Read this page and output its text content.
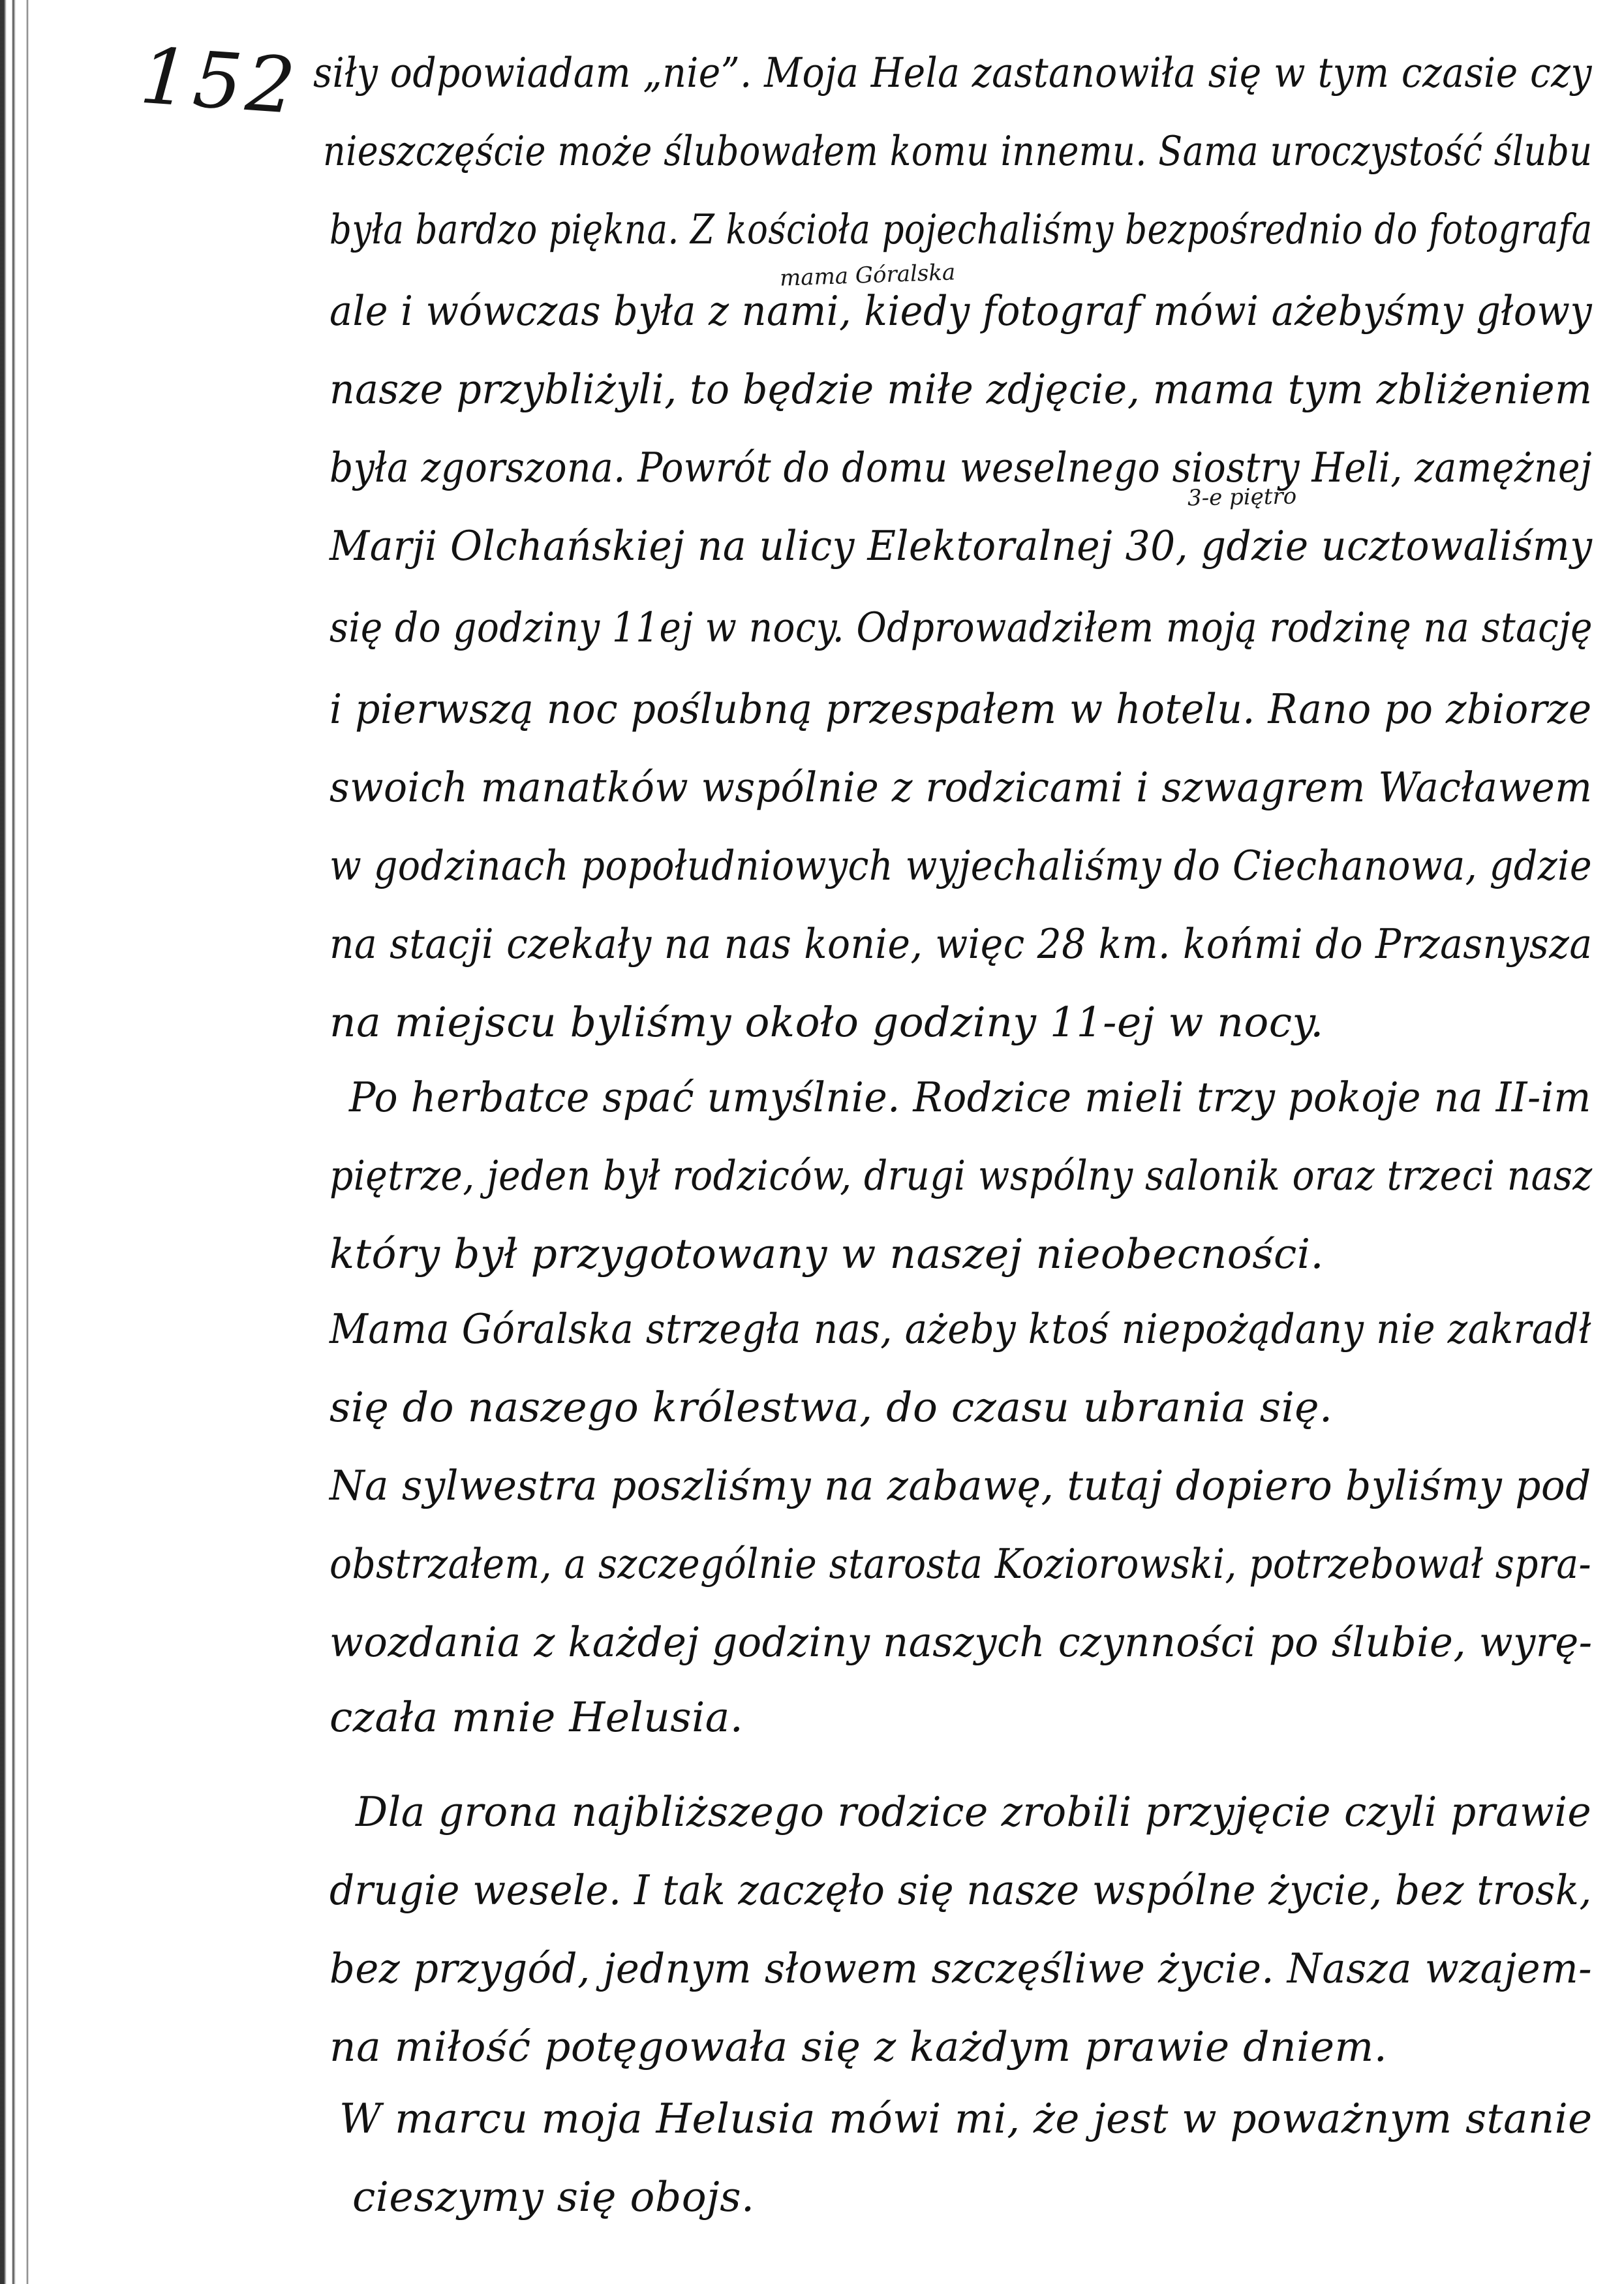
152
mama Góralska
3-e piętro
siły odpowiadam „nie”. Moja Hela zastanowiła się w tym czasie czy
nieszczęście może ślubowałem komu innemu. Sama uroczystość ślubu
była bardzo piękna. Z kościoła pojechaliśmy bezpośrednio do fotografa
ale i wówczas była z nami, kiedy fotograf mówi ażebyśmy głowy
nasze przybliżyli, to będzie miłe zdjęcie, mama tym zbliżeniem
była zgorszona. Powrót do domu weselnego siostry Heli, zamężnej
Marji Olchańskiej na ulicy Elektoralnej 30, gdzie ucztowaliśmy
się do godziny 11ej w nocy. Odprowadziłem moją rodzinę na stację
i pierwszą noc poślubną przespałem w hotelu. Rano po zbiorze
swoich manatków wspólnie z rodzicami i szwagrem Wacławem
w godzinach popołudniowych wyjechaliśmy do Ciechanowa, gdzie
na stacji czekały na nas konie, więc 28 km. końmi do Przasnysza
na miejscu byliśmy około godziny 11-ej w nocy.
Po herbatce spać umyślnie. Rodzice mieli trzy pokoje na II-im
piętrze, jeden był rodziców, drugi wspólny salonik oraz trzeci nasz
który był przygotowany w naszej nieobecności.
Mama Góralska strzegła nas, ażeby ktoś niepożądany nie zakradł
się do naszego królestwa, do czasu ubrania się.
Na sylwestra poszliśmy na zabawę, tutaj dopiero byliśmy pod
obstrzałem, a szczególnie starosta Koziorowski, potrzebował spra-
wozdania z każdej godziny naszych czynności po ślubie, wyrę-
czała mnie Helusia.
Dla grona najbliższego rodzice zrobili przyjęcie czyli prawie
drugie wesele. I tak zaczęło się nasze wspólne życie, bez trosk,
bez przygód, jednym słowem szczęśliwe życie. Nasza wzajem-
na miłość potęgowała się z każdym prawie dniem.
W marcu moja Helusia mówi mi, że jest w poważnym stanie
cieszymy się obojs.
